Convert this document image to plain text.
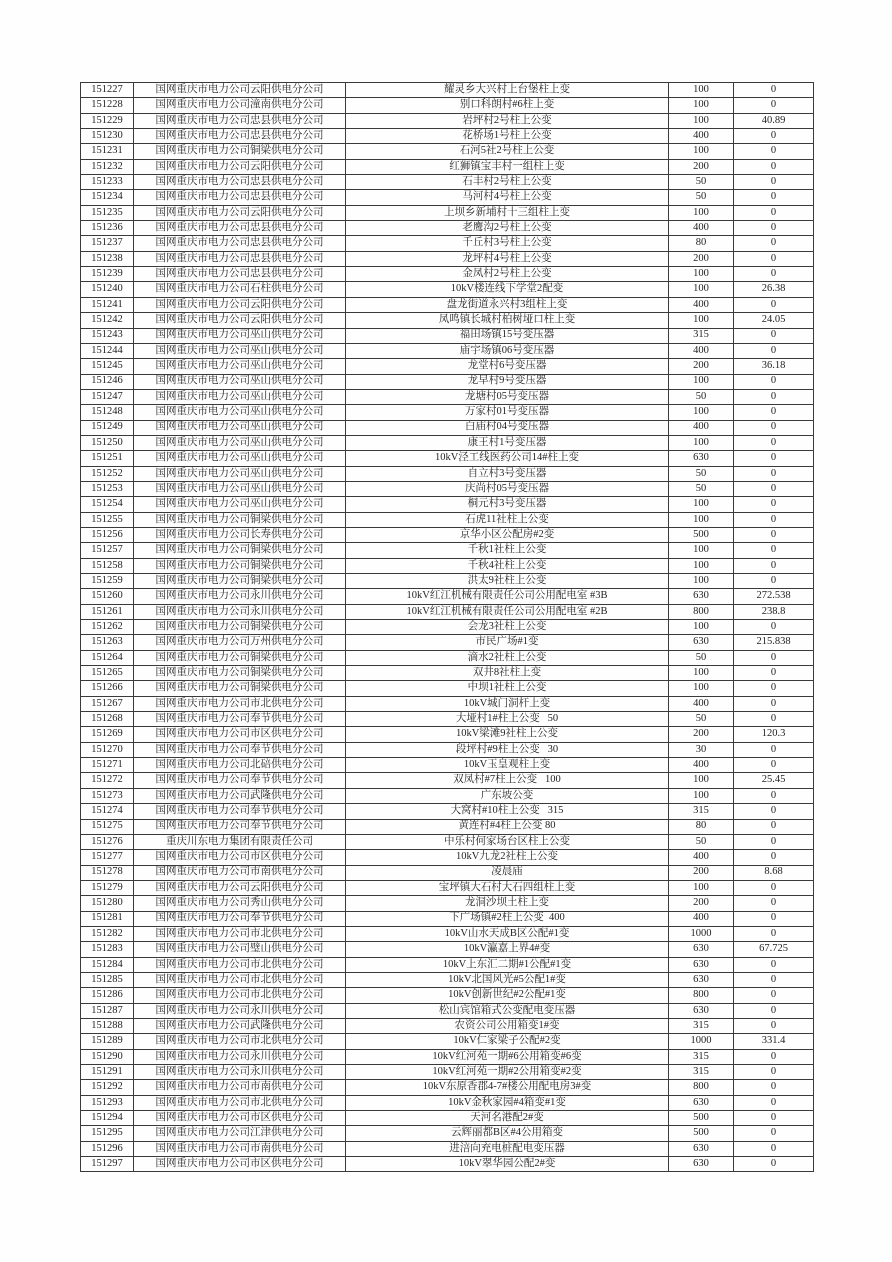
151227	国网重庆市电力公司云阳供电分公司	耀灵乡大兴村上台堡柱上变	100	0
151228	国网重庆市电力公司潼南供电分公司	别口科朗村#6柱上变	100	0
151229	国网重庆市电力公司忠县供电分公司	岩坪村2号柱上公变	100	40.89
151230	国网重庆市电力公司忠县供电分公司	花桥场1号柱上公变	400	0
151231	国网重庆市电力公司铜梁供电分公司	石河5社2号柱上公变	100	0
151232	国网重庆市电力公司云阳供电分公司	红狮镇宝丰村一组柱上变	200	0
151233	国网重庆市电力公司忠县供电分公司	石丰村2号柱上公变	50	0
151234	国网重庆市电力公司忠县供电分公司	马河村4号柱上公变	50	0
151235	国网重庆市电力公司云阳供电分公司	上坝乡新埔村十三组柱上变	100	0
151236	国网重庆市电力公司忠县供电分公司	老鹰沟2号柱上公变	400	0
151237	国网重庆市电力公司忠县供电分公司	千丘村3号柱上公变	80	0
151238	国网重庆市电力公司忠县供电分公司	龙坪村4号柱上公变	200	0
151239	国网重庆市电力公司忠县供电分公司	金凤村2号柱上公变	100	0
151240	国网重庆市电力公司石柱供电分公司	10kV楼连线下学堂2配变	100	26.38
151241	国网重庆市电力公司云阳供电分公司	盘龙街道永兴村3组柱上变	400	0
151242	国网重庆市电力公司云阳供电分公司	凤鸣镇长城村柏树垭口柱上变	100	24.05
151243	国网重庆市电力公司巫山供电分公司	福田场镇15号变压器	315	0
151244	国网重庆市电力公司巫山供电分公司	庙宇场镇06号变压器	400	0
151245	国网重庆市电力公司巫山供电分公司	龙堂村6号变压器	200	36.18
151246	国网重庆市电力公司巫山供电分公司	龙早村9号变压器	100	0
151247	国网重庆市电力公司巫山供电分公司	龙塘村05号变压器	50	0
151248	国网重庆市电力公司巫山供电分公司	万家村01号变压器	100	0
151249	国网重庆市电力公司巫山供电分公司	白庙村04号变压器	400	0
151250	国网重庆市电力公司巫山供电分公司	康王村1号变压器	100	0
151251	国网重庆市电力公司巫山供电分公司	10kV泾工线医药公司14#柱上变	630	0
151252	国网重庆市电力公司巫山供电分公司	自立村3号变压器	50	0
151253	国网重庆市电力公司巫山供电分公司	庆尚村05号变压器	50	0
151254	国网重庆市电力公司巫山供电分公司	桐元村3号变压器	100	0
151255	国网重庆市电力公司铜梁供电分公司	石虎11社柱上公变	100	0
151256	国网重庆市电力公司长寿供电分公司	京华小区公配房#2变	500	0
151257	国网重庆市电力公司铜梁供电分公司	千秋1社柱上公变	100	0
151258	国网重庆市电力公司铜梁供电分公司	千秋4社柱上公变	100	0
151259	国网重庆市电力公司铜梁供电分公司	洪太9社柱上公变	100	0
151260	国网重庆市电力公司永川供电分公司	10kV红江机械有限责任公司公用配电室 #3B	630	272.538
151261	国网重庆市电力公司永川供电分公司	10kV红江机械有限责任公司公用配电室 #2B	800	238.8
151262	国网重庆市电力公司铜梁供电分公司	会龙3社柱上公变	100	0
151263	国网重庆市电力公司万州供电分公司	市民广场#1变	630	215.838
151264	国网重庆市电力公司铜梁供电分公司	滴水2社柱上公变	50	0
151265	国网重庆市电力公司铜梁供电分公司	双井8社柱上变	100	0
151266	国网重庆市电力公司铜梁供电分公司	中坝1社柱上公变	100	0
151267	国网重庆市电力公司市北供电分公司	10kV城门洞杆上变	400	0
151268	国网重庆市电力公司奉节供电分公司	大垭村1#柱上公变   50	50	0
151269	国网重庆市电力公司市区供电分公司	10kV梁滩9社柱上公变	200	120.3
151270	国网重庆市电力公司奉节供电分公司	段坪村#9柱上公变   30	30	0
151271	国网重庆市电力公司北碚供电分公司	10kV玉皇观柱上变	400	0
151272	国网重庆市电力公司奉节供电分公司	双凤村#7柱上公变   100	100	25.45
151273	国网重庆市电力公司武隆供电分公司	广东坡公变	100	0
151274	国网重庆市电力公司奉节供电分公司	大窝村#10柱上公变   315	315	0
151275	国网重庆市电力公司奉节供电分公司	黄连村#4柱上公变 80	80	0
151276	重庆川东电力集团有限责任公司	中乐村何家场台区柱上公变	50	0
151277	国网重庆市电力公司市区供电分公司	10kV九龙2社柱上公变	400	0
151278	国网重庆市电力公司市南供电分公司	凌晨庙	200	8.68
151279	国网重庆市电力公司云阳供电分公司	宝坪镇大石村大石四组柱上变	100	0
151280	国网重庆市电力公司秀山供电分公司	龙洞沙坝土柱上变	200	0
151281	国网重庆市电力公司奉节供电分公司	下广场镇#2柱上公变  400	400	0
151282	国网重庆市电力公司市北供电分公司	10kV山水天成B区公配#1变	1000	0
151283	国网重庆市电力公司璧山供电分公司	10kV瀛嘉上界4#变	630	67.725
151284	国网重庆市电力公司市北供电分公司	10kV上东汇二期#1公配#1变	630	0
151285	国网重庆市电力公司市北供电分公司	10kV北国风光#5公配1#变	630	0
151286	国网重庆市电力公司市北供电分公司	10kV创新世纪#2公配#1变	800	0
151287	国网重庆市电力公司永川供电分公司	松山宾馆箱式公变配电变压器	630	0
151288	国网重庆市电力公司武隆供电分公司	农资公司公用箱变1#变	315	0
151289	国网重庆市电力公司市北供电分公司	10kV仁家梁子公配#2变	1000	331.4
151290	国网重庆市电力公司永川供电分公司	10kV红河苑一期#6公用箱变#6变	315	0
151291	国网重庆市电力公司永川供电分公司	10kV红河苑一期#2公用箱变#2变	315	0
151292	国网重庆市电力公司市南供电分公司	10kV东原香郡4-7#楼公用配电房3#变	800	0
151293	国网重庆市电力公司市北供电分公司	10kV金秋家园#4箱变#1变	630	0
151294	国网重庆市电力公司市区供电分公司	天河名港配2#变	500	0
151295	国网重庆市电力公司江津供电分公司	云辉丽都B区#4公用箱变	500	0
151296	国网重庆市电力公司市南供电分公司	进涪向充电桩配电变压器	630	0
151297	国网重庆市电力公司市区供电分公司	10kV翠华园公配2#变	630	0
